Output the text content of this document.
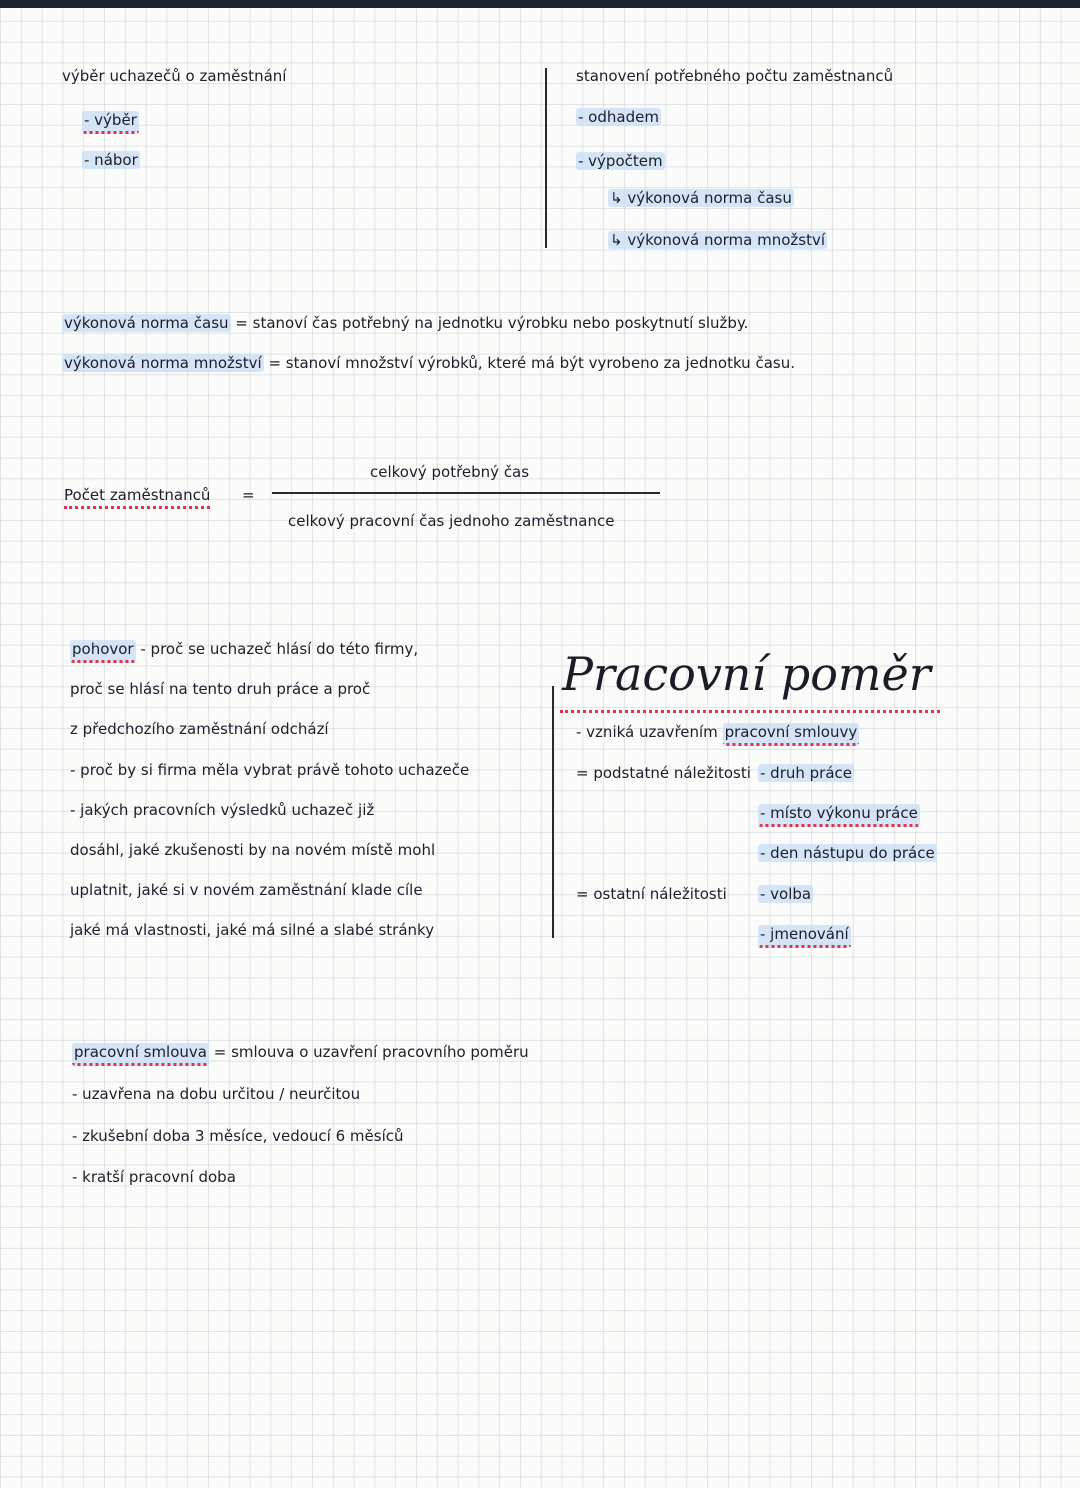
výběr uchazečů o zaměstnání
- výběr
- nábor
stanovení potřebného počtu zaměstnanců
- odhadem
- výpočtem
↳ výkonová norma času
↳ výkonová norma množství
výkonová norma času = stanoví čas potřebný na jednotku výrobku nebo poskytnutí služby.
výkonová norma množství = stanoví množství výrobků, které má být vyrobeno za jednotku času.
Počet zaměstnanců =
celkový potřebný čas
celkový pracovní čas jednoho zaměstnance
pohovor - proč se uchazeč hlásí do této firmy,
proč se hlásí na tento druh práce a proč
z předchozího zaměstnání odchází
- proč by si firma měla vybrat právě tohoto uchazeče
- jakých pracovních výsledků uchazeč již
dosáhl, jaké zkušenosti by na novém místě mohl
uplatnit, jaké si v novém zaměstnání klade cíle
jaké má vlastnosti, jaké má silné a slabé stránky
Pracovní poměr
- vzniká uzavřením pracovní smlouvy
= podstatné náležitosti - druh práce
- místo výkonu práce
- den nástupu do práce
= ostatní náležitosti - volba
- jmenování
pracovní smlouva = smlouva o uzavření pracovního poměru
- uzavřena na dobu určitou / neurčitou
- zkušební doba 3 měsíce, vedoucí 6 měsíců
- kratší pracovní doba
